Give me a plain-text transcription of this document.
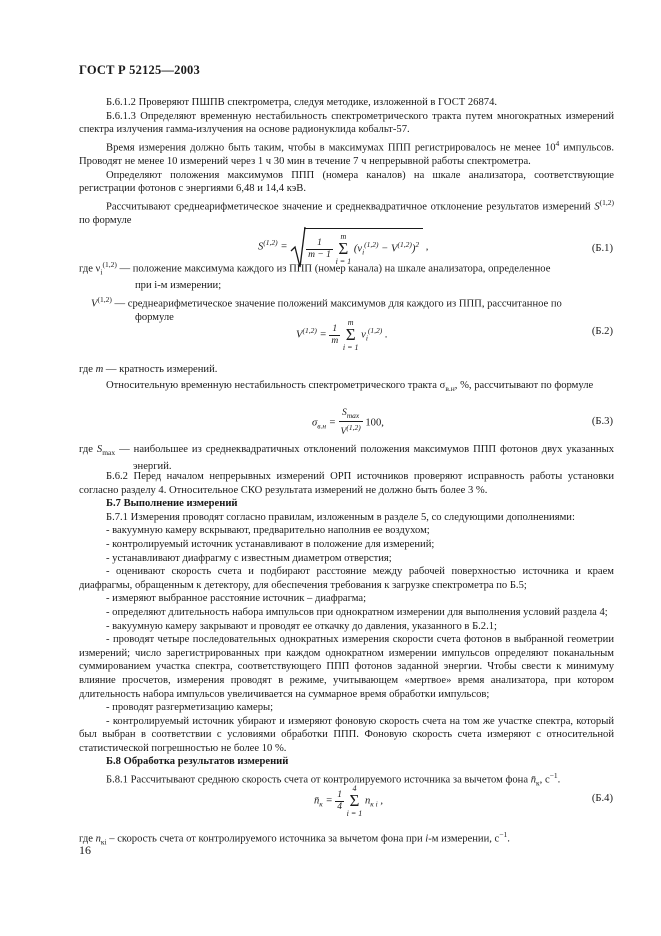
ГОСТ Р 52125—2003

Б.6.1.2 Проверяют ПШПВ спектрометра, следуя методике, изложенной в ГОСТ 26874.

Б.6.1.3 Определяют временную нестабильность спектрометрического тракта путем многократных измерений спектра излучения гамма-излучения на основе радионуклида кобальт-57.

Время измерения должно быть таким, чтобы в максимумах ППП регистрировалось не менее $10^4$ импульсов. Проводят не менее 10 измерений через 1 ч 30 мин в течение 7 ч непрерывной работы спектрометра.

Определяют положения максимумов ППП (номера каналов) на шкале анализатора, соответствующие регистрации фотонов с энергиями 6,48 и 14,4 кэВ.

Рассчитывают среднеарифметическое значение и среднеквадратичное отклонение результатов измерений S$^{(1,2)}$ по формуле

$S^{(1,2)} = \frac{1}{m - 1}$
m
Σ
i = 1 $(\nu_i^{(1,2)} - V^{(1,2)})^2$ ,	(Б.1)

где $\nu_i^{(1,2)}$ — положение максимума каждого из ППП (номер канала) на шкале анализатора, определенное

при i-м измерении;

V$^{(1,2)}$ — среднеарифметическое значение положений максимумов для каждого из ППП, рассчитанное по

формуле

$V^{(1,2)} = \frac{1}{m}$
m
Σ
i = 1 $\nu_i^{(1,2)}$ .	(Б.2)
где m — кратность измерений.

Относительную временную нестабильность спектрометрического тракта $\sigma_{в.н}$, %, рассчитывают по формуле

$\sigma_{в.н} = \frac{S_{max}}{V^{(1,2)}} 100$,	(Б.3)

где $S_{max}$ — наибольшее из среднеквадратичных отклонений положения максимумов ППП фотонов двух указанных энергий.

Б.6.2 Перед началом непрерывных измерений ОРП источников проверяют исправность работы установки согласно разделу 4. Относительное СКО результата измерений не должно быть более 3 %.

Б.7 Выполнение измерений

Б.7.1 Измерения проводят согласно правилам, изложенным в разделе 5, со следующими дополнениями:

- вакуумную камеру вскрывают, предварительно наполнив ее воздухом;

- контролируемый источник устанавливают в положение для измерений;

- устанавливают диафрагму с известным диаметром отверстия;

- оценивают скорость счета и подбирают расстояние между рабочей поверхностью источника и краем диафрагмы, обращенным к детектору, для обеспечения требования к загрузке спектрометра по Б.5;

- измеряют выбранное расстояние источник – диафрагма;

- определяют длительность набора импульсов при однократном измерении для выполнения условий раздела 4;

- вакуумную камеру закрывают и проводят ее откачку до давления, указанного в Б.2.1;

- проводят четыре последовательных однократных измерения скорости счета фотонов в выбранной геометрии измерений; число зарегистрированных при каждом однократном измерении импульсов определяют поканальным суммированием участка спектра, соответствующего ППП фотонов заданной энергии. Чтобы свести к минимуму влияние просчетов, измерения проводят в режиме, учитывающем «мертвое» время анализатора, при котором длительность набора импульсов увеличивается на суммарное время обработки импульсов;

- проводят разгерметизацию камеры;

- контролируемый источник убирают и измеряют фоновую скорость счета на том же участке спектра, который был выбран в соответствии с условиями обработки ППП. Фоновую скорость счета измеряют с относительной статистической погрешностью не более 10 %.

Б.8 Обработка результатов измерений

Б.8.1 Рассчитывают среднюю скорость счета от контролируемого источника за вычетом фона $n̄_к$, $с^{-1}$.

$n̄_к = \frac{1}{4}$
4
Σ
i = 1 $n_{к i}$ ,	(Б.4)
где $n_{кi}$ – скорость счета от контролируемого источника за вычетом фона при i-м измерении, $с^{-1}$.
16
